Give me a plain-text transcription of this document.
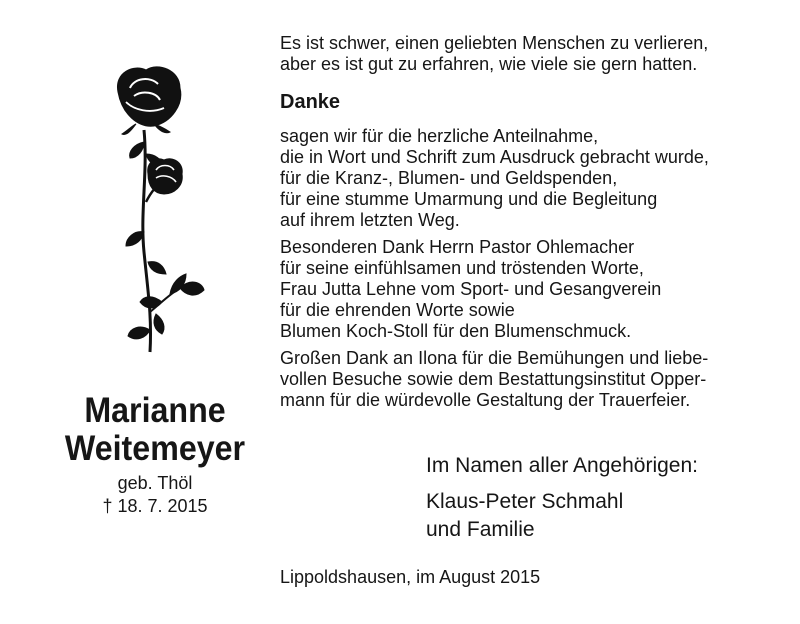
Marianne
Weitemeyer
geb. Thöl
† 18. 7. 2015

Es ist schwer, einen geliebten Menschen zu verlieren,
aber es ist gut zu erfahren, wie viele sie gern hatten.

Danke

sagen wir für die herzliche Anteilnahme,
die in Wort und Schrift zum Ausdruck gebracht wurde,
für die Kranz-, Blumen- und Geldspenden,
für eine stumme Umarmung und die Begleitung
auf ihrem letzten Weg.

Besonderen Dank Herrn Pastor Ohlemacher
für seine einfühlsamen und tröstenden Worte,
Frau Jutta Lehne vom Sport- und Gesangverein
für die ehrenden Worte sowie
Blumen Koch-Stoll für den Blumenschmuck.

Großen Dank an Ilona für die Bemühungen und liebe-
vollen Besuche sowie dem Bestattungsinstitut Opper-
mann für die würdevolle Gestaltung der Trauerfeier.

Im Namen aller Angehörigen:
Klaus-Peter Schmahl
und Familie
Lippoldshausen, im August 2015
